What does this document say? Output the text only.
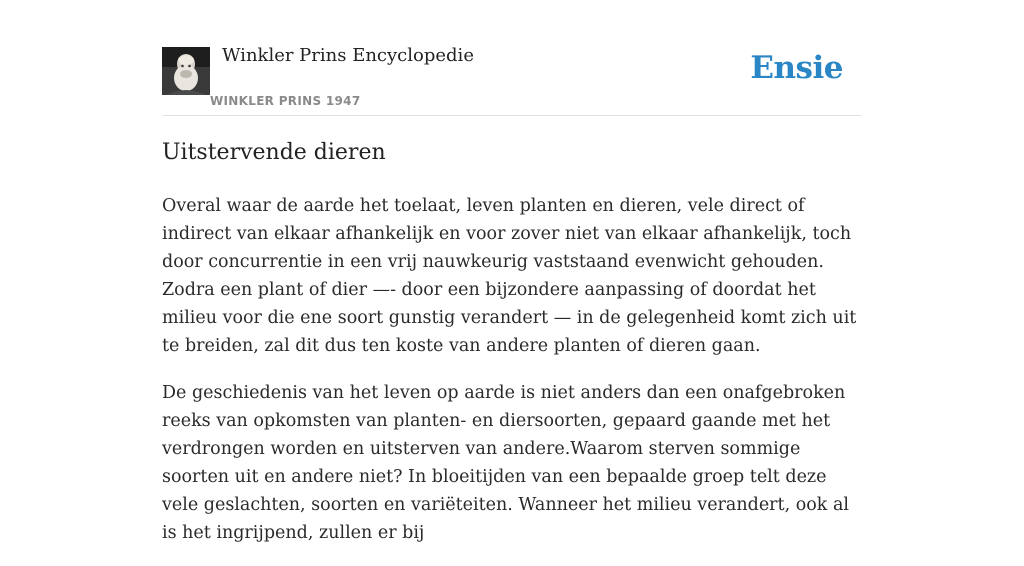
Winkler Prins Encyclopedie
WINKLER PRINS 1947
Ensie
Uitstervende dieren

Overal waar de aarde het toelaat, leven planten en dieren, vele direct of indirect van elkaar afhankelijk en voor zover niet van elkaar afhankelijk, toch door concurrentie in een vrij nauwkeurig vaststaand evenwicht gehouden. Zodra een plant of dier —- door een bijzondere aanpassing of doordat het milieu voor die ene soort gunstig verandert — in de gelegenheid komt zich uit te breiden, zal dit dus ten koste van andere planten of dieren gaan.

De geschiedenis van het leven op aarde is niet anders dan een onafgebroken reeks van opkomsten van planten- en diersoorten, gepaard gaande met het verdrongen worden en uitsterven van andere.Waarom sterven sommige soorten uit en andere niet? In bloeitijden van een bepaalde groep telt deze vele geslachten, soorten en variëteiten. Wanneer het milieu verandert, ook al is het ingrijpend, zullen er bij
